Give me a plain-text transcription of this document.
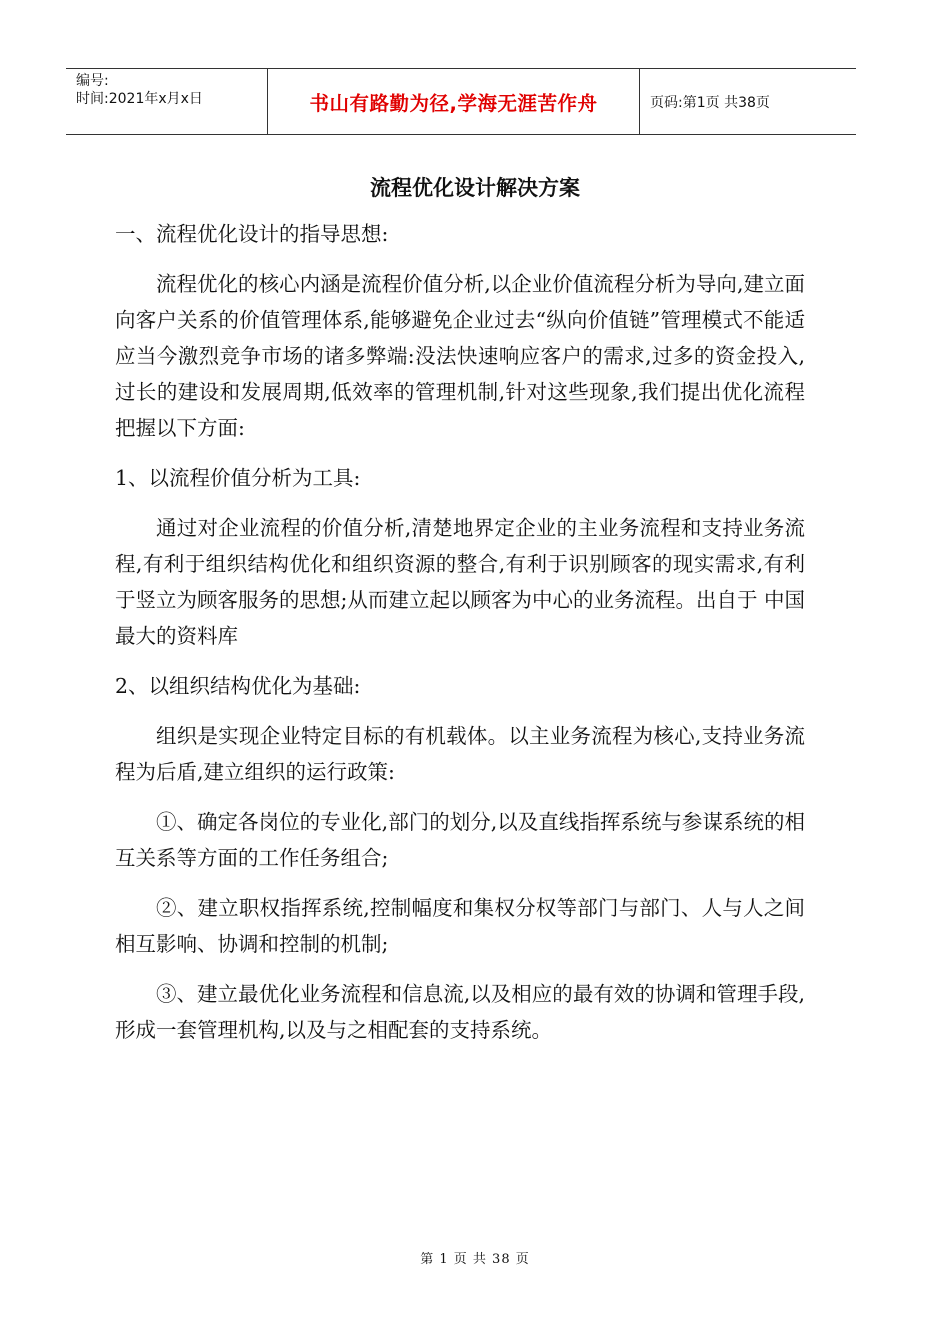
编号:
时间:2021年x月x日	书山有路勤为径,学海无涯苦作舟	页码:第1页 共38页
流程优化设计解决方案

一、流程优化设计的指导思想:

流程优化的核心内涵是流程价值分析,以企业价值流程分析为导向,建立面向客户关系的价值管理体系,能够避免企业过去“纵向价值链”管理模式不能适应当今激烈竞争市场的诸多弊端:没法快速响应客户的需求,过多的资金投入,过长的建设和发展周期,低效率的管理机制,针对这些现象,我们提出优化流程把握以下方面:

1、以流程价值分析为工具:

通过对企业流程的价值分析,清楚地界定企业的主业务流程和支持业务流程,有利于组织结构优化和组织资源的整合,有利于识别顾客的现实需求,有利于竖立为顾客服务的思想;从而建立起以顾客为中心的业务流程。出自于 中国最大的资料库

2、以组织结构优化为基础:

组织是实现企业特定目标的有机载体。以主业务流程为核心,支持业务流程为后盾,建立组织的运行政策:

①、确定各岗位的专业化,部门的划分,以及直线指挥系统与参谋系统的相互关系等方面的工作任务组合;

②、建立职权指挥系统,控制幅度和集权分权等部门与部门、人与人之间相互影响、协调和控制的机制;

③、建立最优化业务流程和信息流,以及相应的最有效的协调和管理手段,形成一套管理机构,以及与之相配套的支持系统。

第 1 页 共 38 页
